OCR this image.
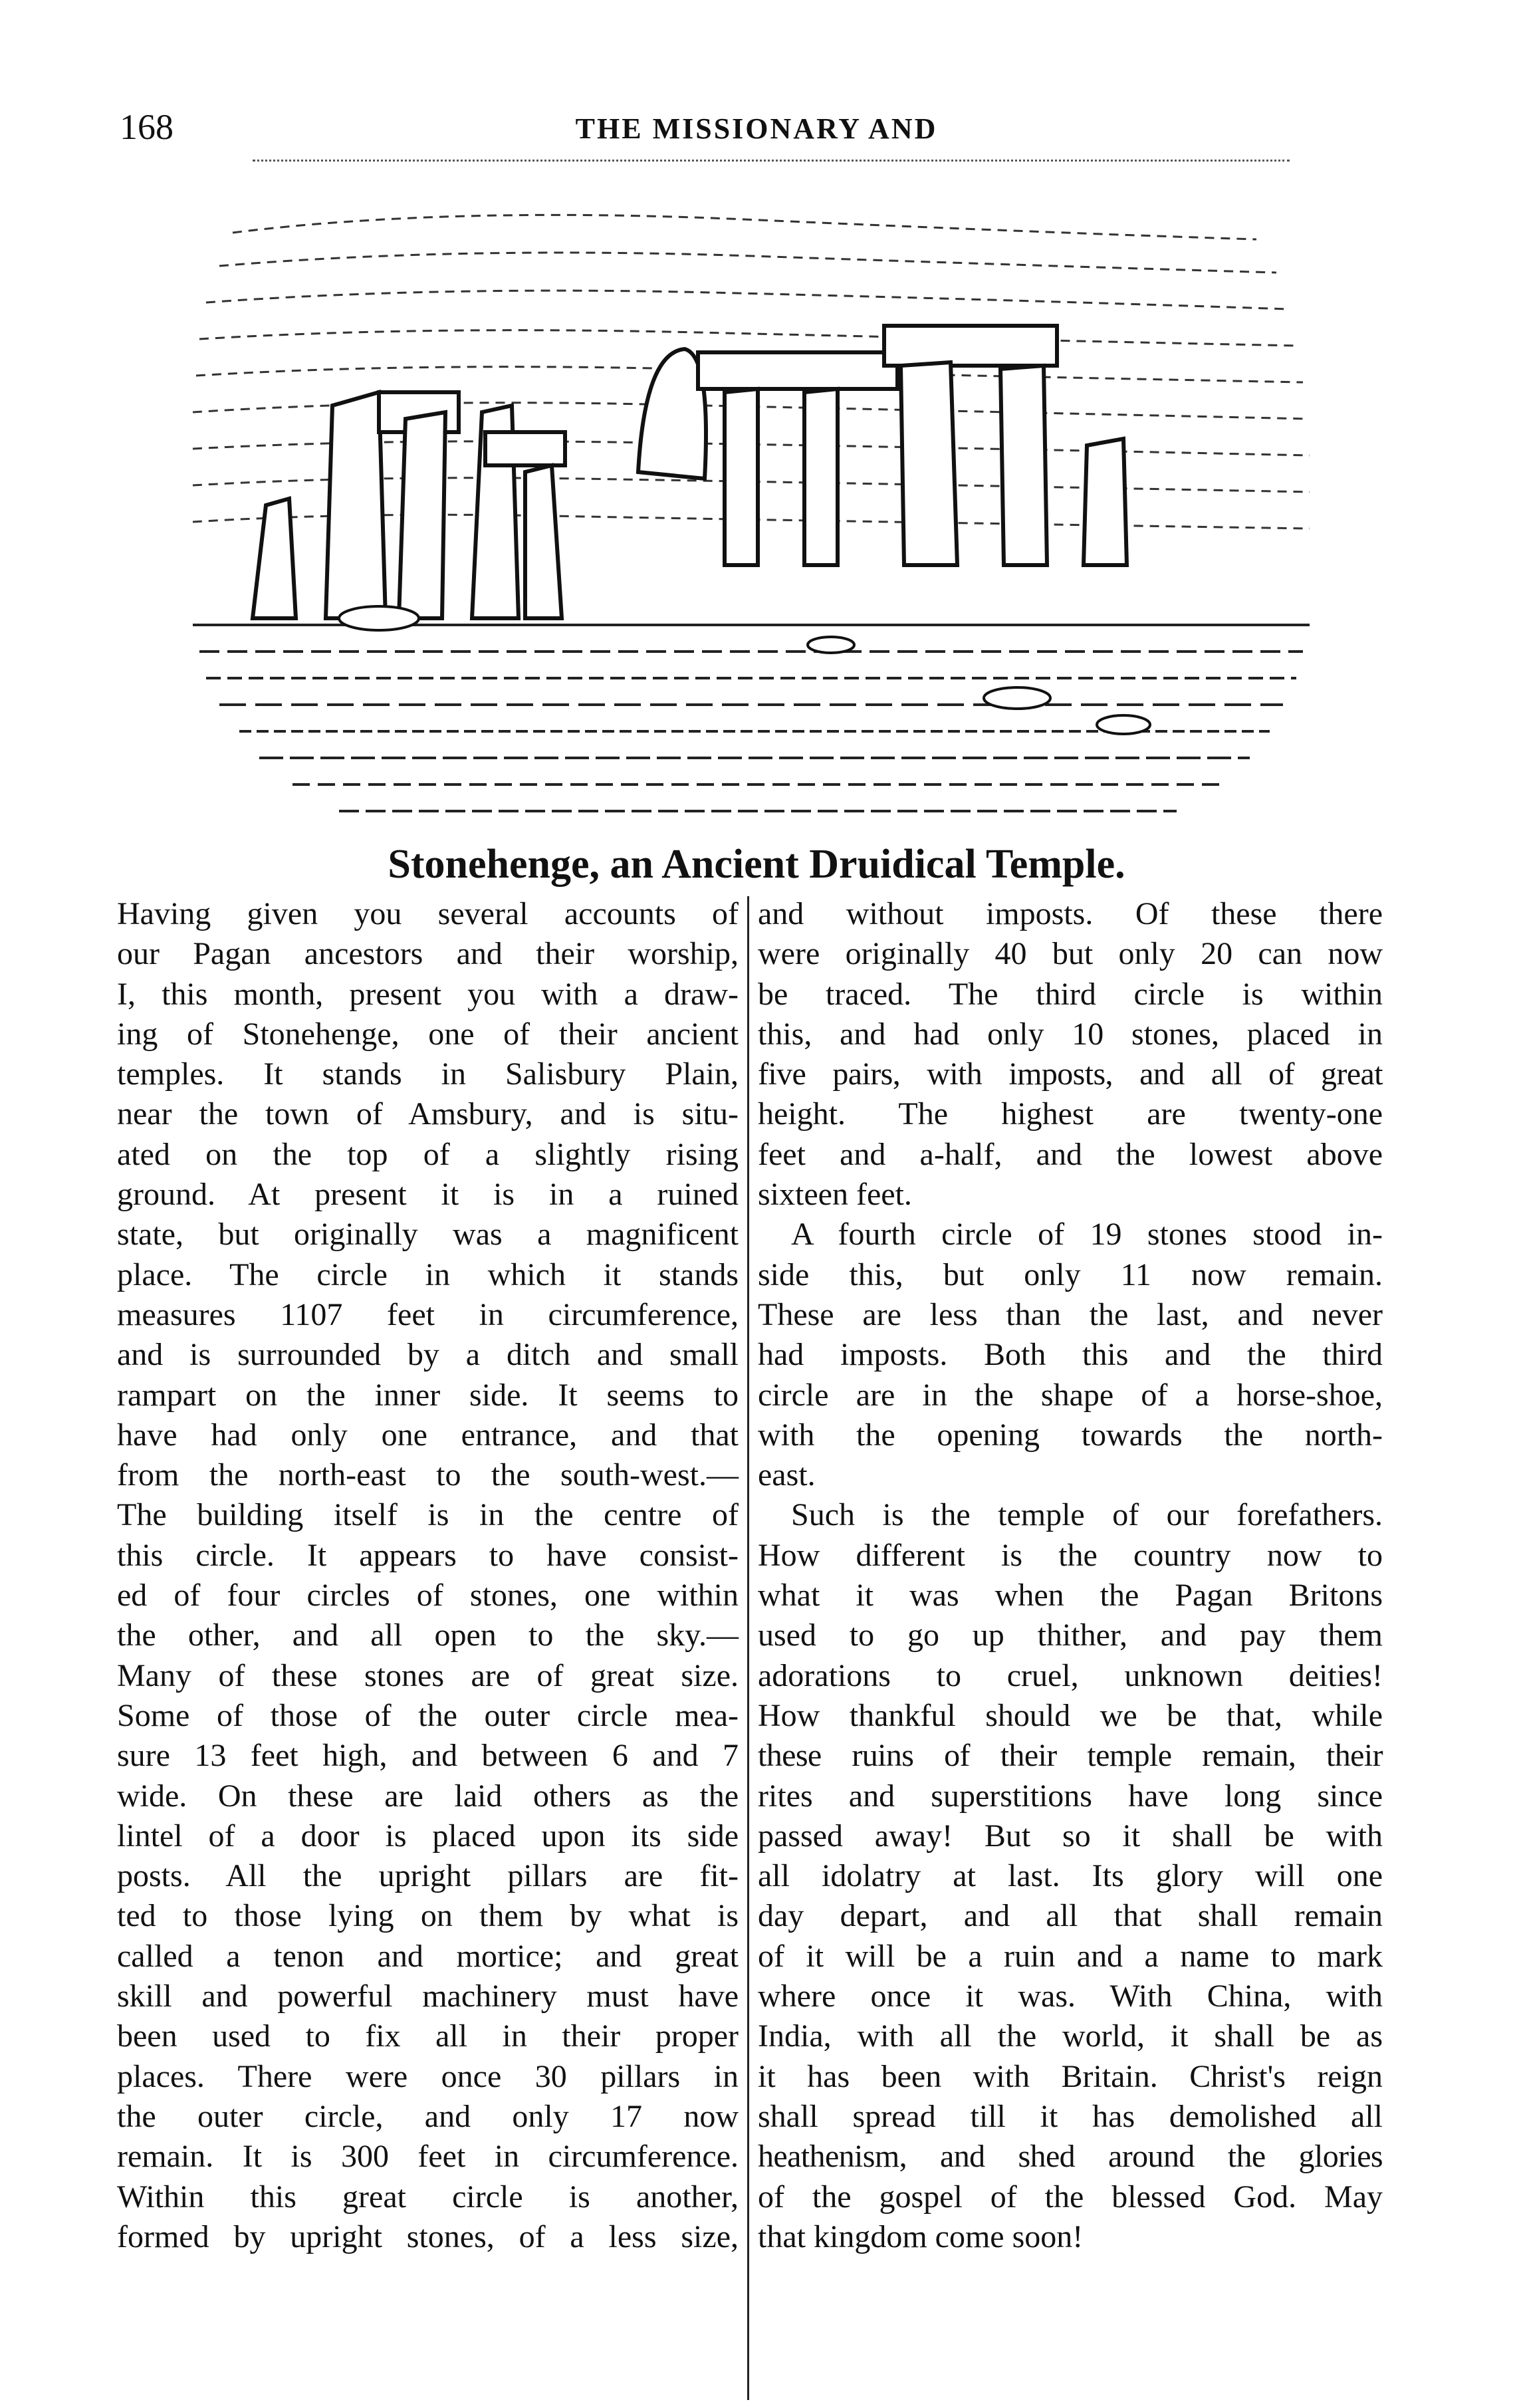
168	THE MISSIONARY AND
Stonehenge, an Ancient Druidical Temple.
Having given you several accounts of
our Pagan ancestors and their worship,
I, this month, present you with a draw-
ing of Stonehenge, one of their ancient
temples. It stands in Salisbury Plain,
near the town of Amsbury, and is situ-
ated on the top of a slightly rising
ground. At present it is in a ruined
state, but originally was a magnificent
place. The circle in which it stands
measures 1107 feet in circumference,
and is surrounded by a ditch and small
rampart on the inner side. It seems to
have had only one entrance, and that
from the north-east to the south-west.—
The building itself is in the centre of
this circle. It appears to have consist-
ed of four circles of stones, one within
the other, and all open to the sky.—
Many of these stones are of great size.
Some of those of the outer circle mea-
sure 13 feet high, and between 6 and 7
wide. On these are laid others as the
lintel of a door is placed upon its side
posts. All the upright pillars are fit-
ted to those lying on them by what is
called a tenon and mortice; and great
skill and powerful machinery must have
been used to fix all in their proper
places. There were once 30 pillars in
the outer circle, and only 17 now
remain. It is 300 feet in circumference.
Within this great circle is another,
formed by upright stones, of a less size,
and without imposts. Of these there
were originally 40 but only 20 can now
be traced. The third circle is within
this, and had only 10 stones, placed in
five pairs, with imposts, and all of great
height. The highest are twenty-one
feet and a-half, and the lowest above
sixteen feet.
A fourth circle of 19 stones stood in-
side this, but only 11 now remain.
These are less than the last, and never
had imposts. Both this and the third
circle are in the shape of a horse-shoe,
with the opening towards the north-
east.
Such is the temple of our forefathers.
How different is the country now to
what it was when the Pagan Britons
used to go up thither, and pay them
adorations to cruel, unknown deities!
How thankful should we be that, while
these ruins of their temple remain, their
rites and superstitions have long since
passed away! But so it shall be with
all idolatry at last. Its glory will one
day depart, and all that shall remain
of it will be a ruin and a name to mark
where once it was. With China, with
India, with all the world, it shall be as
it has been with Britain. Christ's reign
shall spread till it has demolished all
heathenism, and shed around the glories
of the gospel of the blessed God. May
that kingdom come soon!
